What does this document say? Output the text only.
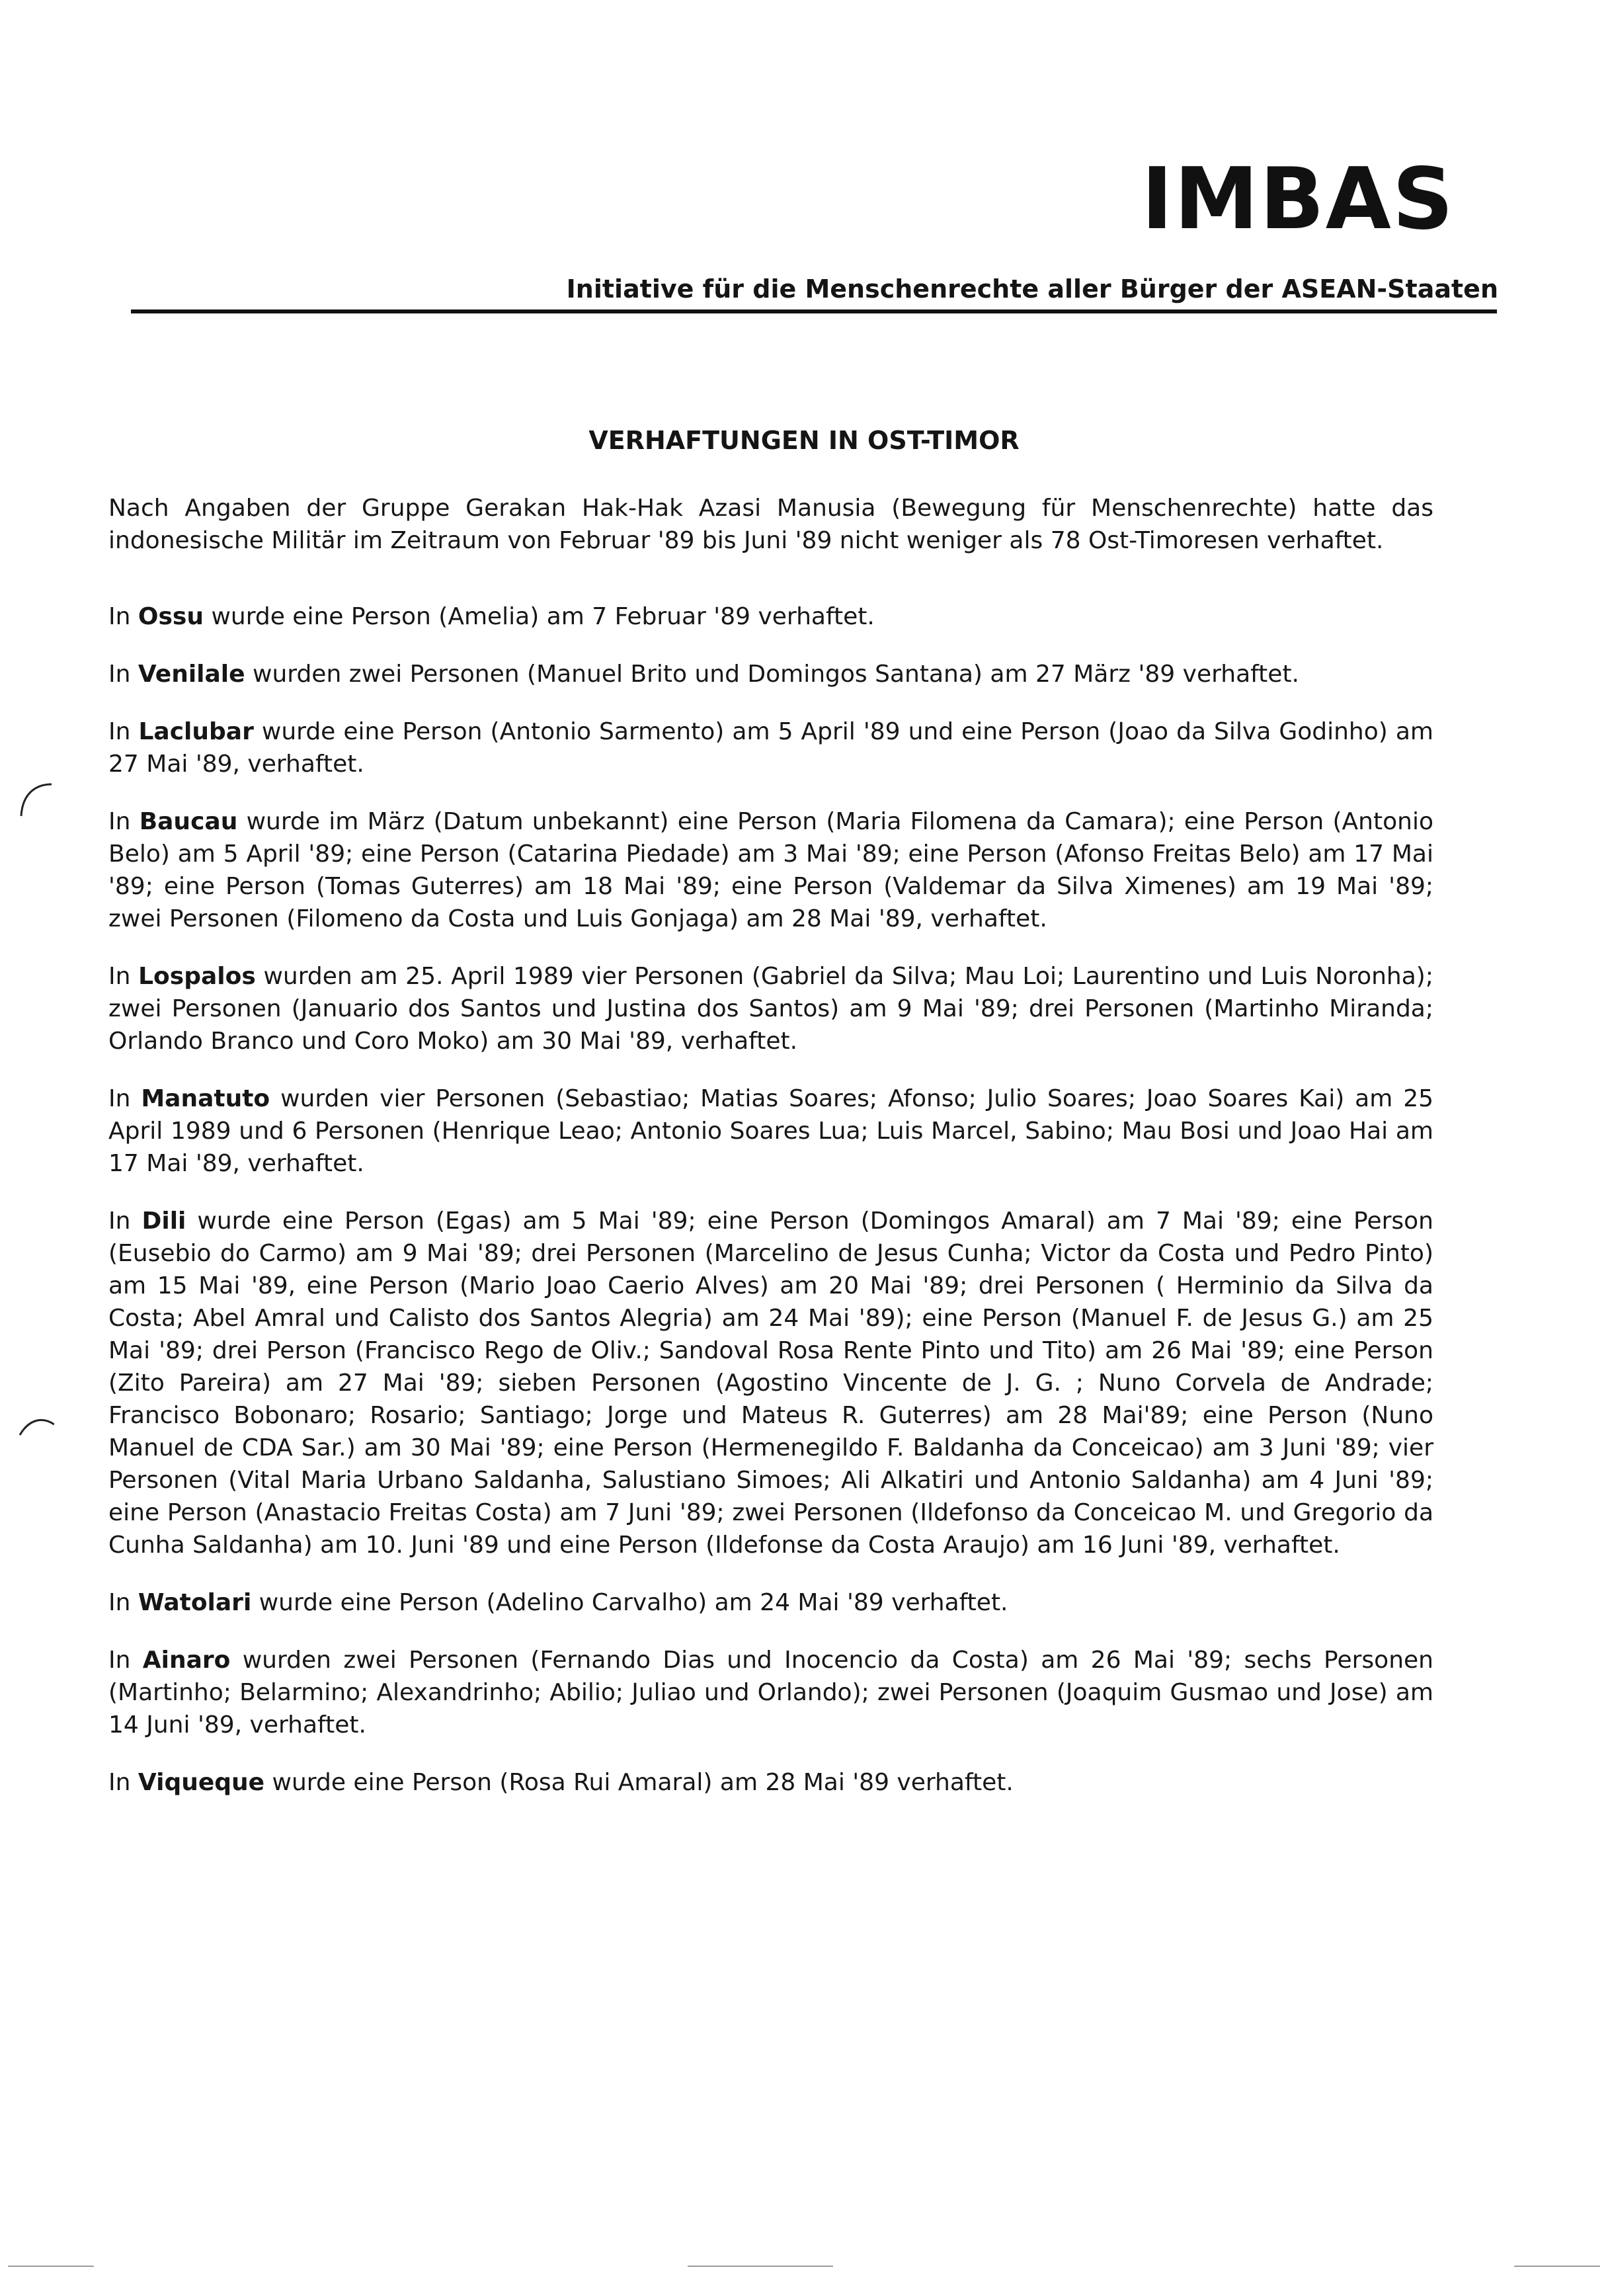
IMBAS
Initiative für die Menschenrechte aller Bürger der ASEAN-Staaten
VERHAFTUNGEN IN OST-TIMOR

Nach Angaben der Gruppe Gerakan Hak-Hak Azasi Manusia (Bewegung für Menschenrechte) hatte das indonesische Militär im Zeitraum von Februar '89 bis Juni '89 nicht weniger als 78 Ost-Timoresen verhaftet.

In Ossu wurde eine Person (Amelia) am 7 Februar '89 verhaftet.

In Venilale wurden zwei Personen (Manuel Brito und Domingos Santana) am 27 März '89 verhaftet.

In Laclubar wurde eine Person (Antonio Sarmento) am 5 April '89 und eine Person (Joao da Silva Godinho) am 27 Mai '89, verhaftet.

In Baucau wurde im März (Datum unbekannt) eine Person (Maria Filomena da Camara); eine Person (Antonio Belo) am 5 April '89; eine Person (Catarina Piedade) am 3 Mai '89; eine Person (Afonso Freitas Belo) am 17 Mai '89; eine Person (Tomas Guterres) am 18 Mai '89; eine Person (Valdemar da Silva Ximenes) am 19 Mai '89; zwei Personen (Filomeno da Costa und Luis Gonjaga) am 28 Mai '89, verhaftet.

In Lospalos wurden am 25. April 1989 vier Personen (Gabriel da Silva; Mau Loi; Laurentino und Luis Noronha); zwei Personen (Januario dos Santos und Justina dos Santos) am 9 Mai '89; drei Personen (Martinho Miranda; Orlando Branco und Coro Moko) am 30 Mai '89, verhaftet.

In Manatuto wurden vier Personen (Sebastiao; Matias Soares; Afonso; Julio Soares; Joao Soares Kai) am 25 April 1989 und 6 Personen (Henrique Leao; Antonio Soares Lua; Luis Marcel, Sabino; Mau Bosi und Joao Hai am 17 Mai '89, verhaftet.

In Dili wurde eine Person (Egas) am 5 Mai '89; eine Person (Domingos Amaral) am 7 Mai '89; eine Person (Eusebio do Carmo) am 9 Mai '89; drei Personen (Marcelino de Jesus Cunha; Victor da Costa und Pedro Pinto) am 15 Mai '89, eine Person (Mario Joao Caerio Alves) am 20 Mai '89; drei Personen ( Herminio da Silva da Costa; Abel Amral und Calisto dos Santos Alegria) am 24 Mai '89); eine Person (Manuel F. de Jesus G.) am 25 Mai '89; drei Person (Francisco Rego de Oliv.; Sandoval Rosa Rente Pinto und Tito) am 26 Mai '89; eine Person (Zito Pareira) am 27 Mai '89; sieben Personen (Agostino Vincente de J. G. ; Nuno Corvela de Andrade; Francisco Bobonaro; Rosario; Santiago; Jorge und Mateus R. Guterres) am 28 Mai'89; eine Person (Nuno Manuel de CDA Sar.) am 30 Mai '89; eine Person (Hermenegildo F. Baldanha da Conceicao) am 3 Juni '89; vier Personen (Vital Maria Urbano Saldanha, Salustiano Simoes; Ali Alkatiri und Antonio Saldanha) am 4 Juni '89; eine Person (Anastacio Freitas Costa) am 7 Juni '89; zwei Personen (Ildefonso da Conceicao M. und Gregorio da Cunha Saldanha) am 10. Juni '89 und eine Person (Ildefonse da Costa Araujo) am 16 Juni '89, verhaftet.

In Watolari wurde eine Person (Adelino Carvalho) am 24 Mai '89 verhaftet.

In Ainaro wurden zwei Personen (Fernando Dias und Inocencio da Costa) am 26 Mai '89; sechs Personen (Martinho; Belarmino; Alexandrinho; Abilio; Juliao und Orlando); zwei Personen (Joaquim Gusmao und Jose) am 14 Juni '89, verhaftet.

In Viqueque wurde eine Person (Rosa Rui Amaral) am 28 Mai '89 verhaftet.
